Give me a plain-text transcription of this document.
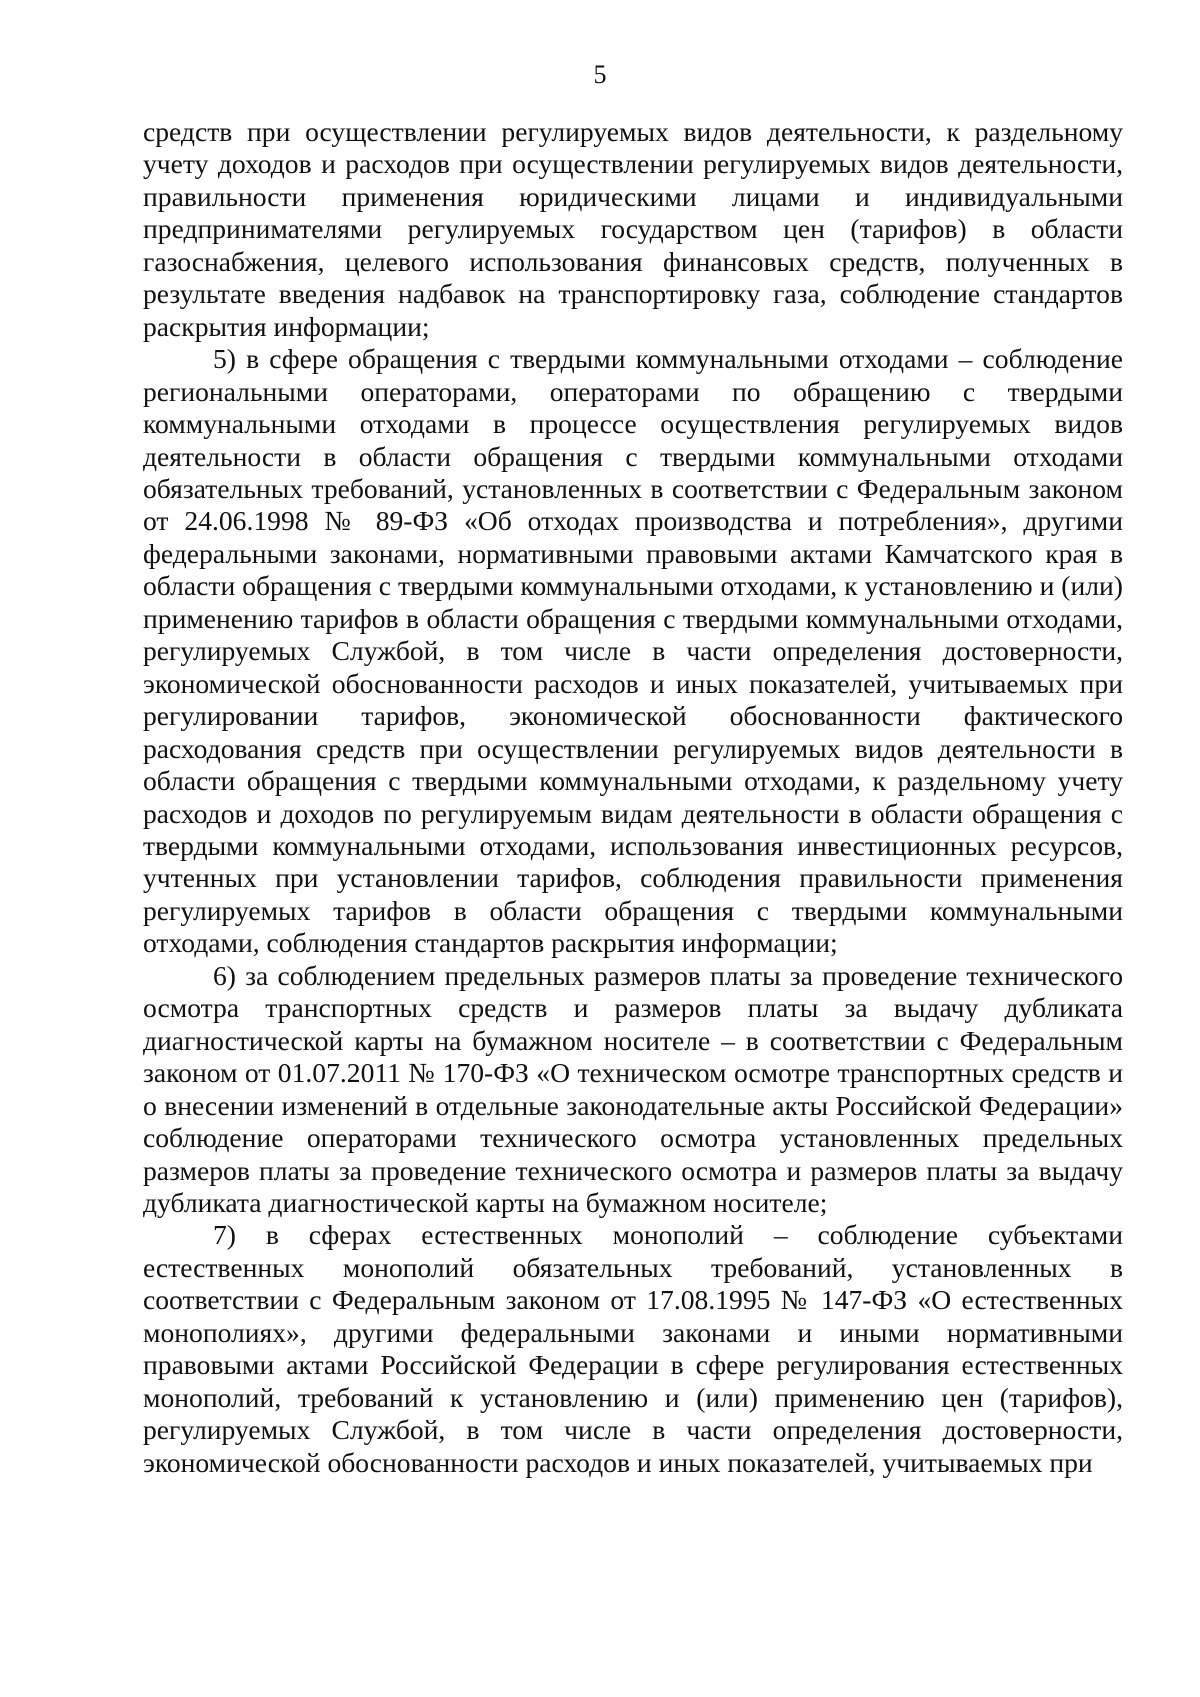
5

средств при осуществлении регулируемых видов деятельности, к раздельному учету доходов и расходов при осуществлении регулируемых видов деятельности, правильности применения юридическими лицами и индивидуальными предпринимателями регулируемых государством цен (тарифов) в области газоснабжения, целевого использования финансовых средств, полученных в результате введения надбавок на транспортировку газа, соблюдение стандартов раскрытия информации;

5) в сфере обращения с твердыми коммунальными отходами – соблюдение региональными операторами, операторами по обращению с твердыми коммунальными отходами в процессе осуществления регулируемых видов деятельности в области обращения с твердыми коммунальными отходами обязательных требований, установленных в соответствии с Федеральным законом от 24.06.1998 № 89-ФЗ «Об отходах производства и потребления», другими федеральными законами, нормативными правовыми актами Камчатского края в области обращения с твердыми коммунальными отходами, к установлению и (или) применению тарифов в области обращения с твердыми коммунальными отходами, регулируемых Службой, в том числе в части определения достоверности, экономической обоснованности расходов и иных показателей, учитываемых при регулировании тарифов, экономической обоснованности фактического расходования средств при осуществлении регулируемых видов деятельности в области обращения с твердыми коммунальными отходами, к раздельному учету расходов и доходов по регулируемым видам деятельности в области обращения с твердыми коммунальными отходами, использования инвестиционных ресурсов, учтенных при установлении тарифов, соблюдения правильности применения регулируемых тарифов в области обращения с твердыми коммунальными отходами, соблюдения стандартов раскрытия информации;

6) за соблюдением предельных размеров платы за проведение технического осмотра транспортных средств и размеров платы за выдачу дубликата диагностической карты на бумажном носителе – в соответствии с Федеральным законом от 01.07.2011 № 170-ФЗ «О техническом осмотре транспортных средств и о внесении изменений в отдельные законодательные акты Российской Федерации» соблюдение операторами технического осмотра установленных предельных размеров платы за проведение технического осмотра и размеров платы за выдачу дубликата диагностической карты на бумажном носителе;

7) в сферах естественных монополий – соблюдение субъектами естественных монополий обязательных требований, установленных в соответствии с Федеральным законом от 17.08.1995 № 147-ФЗ «О естественных монополиях», другими федеральными законами и иными нормативными правовыми актами Российской Федерации в сфере регулирования естественных монополий, требований к установлению и (или) применению цен (тарифов), регулируемых Службой, в том числе в части определения достоверности, экономической обоснованности расходов и иных показателей, учитываемых при
